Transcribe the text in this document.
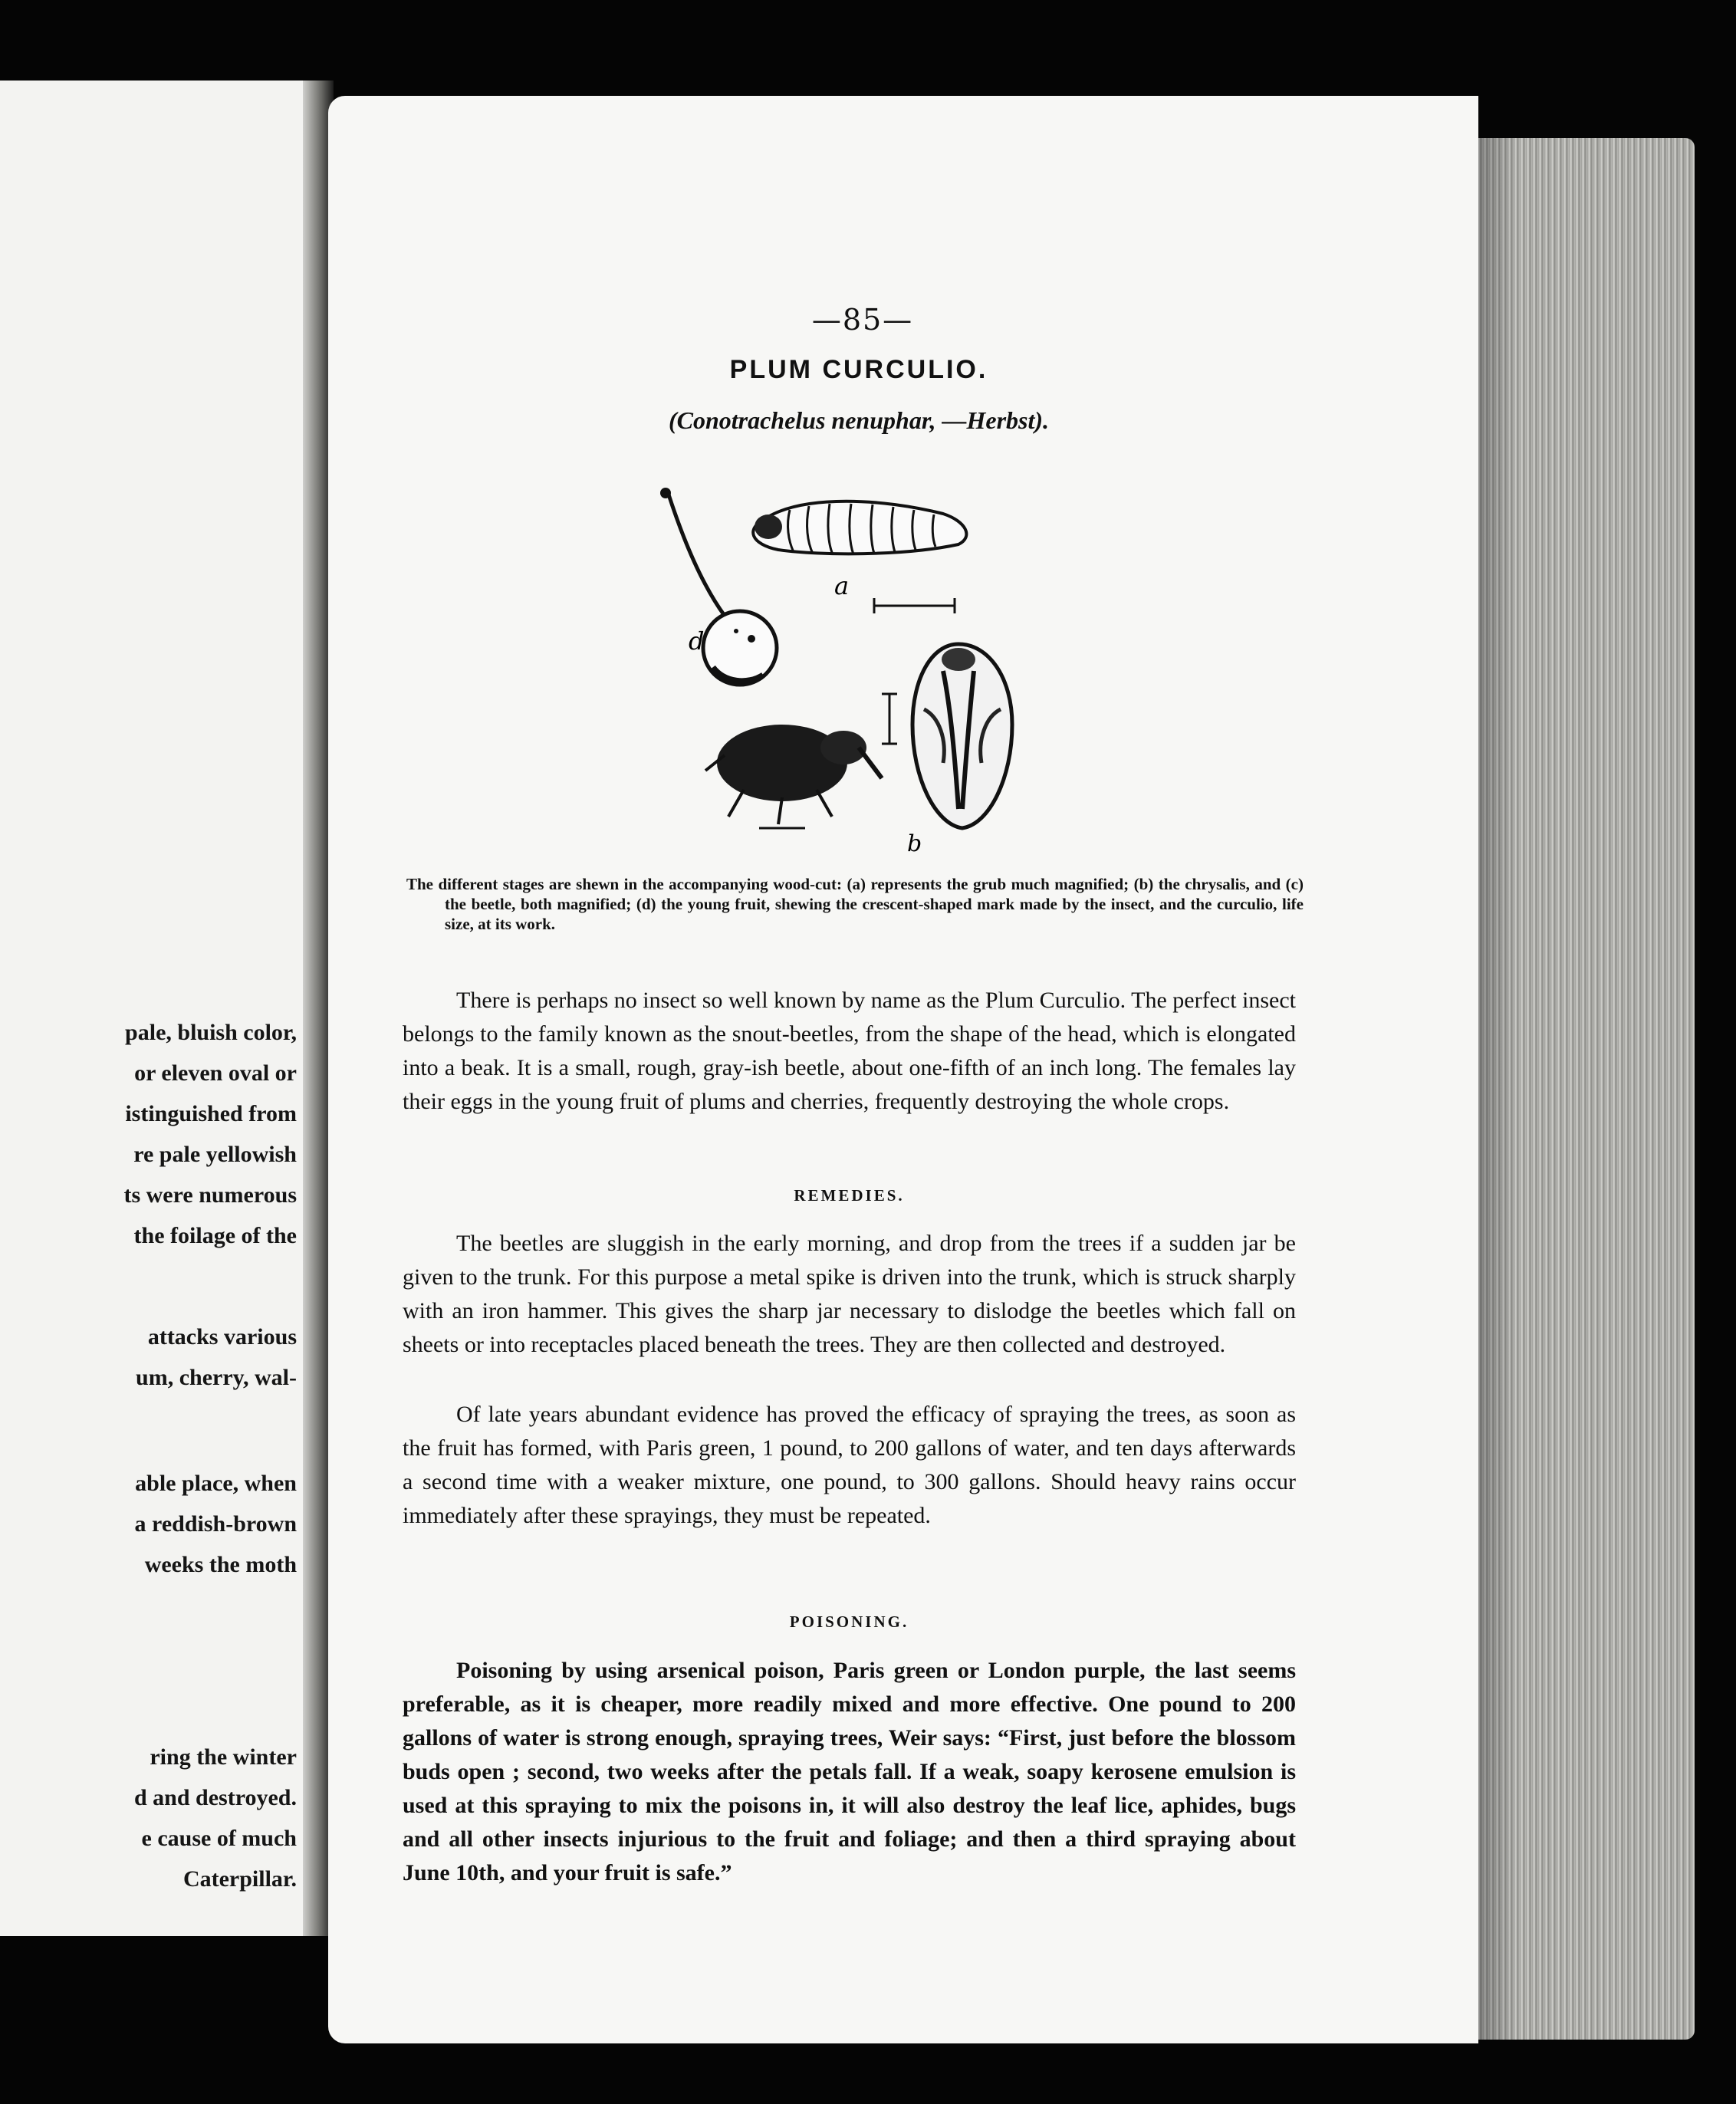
pale, bluish color,
or eleven oval or
istinguished from
re pale yellowish
ts were numerous
the foilage of the
attacks various
um, cherry, wal-
able place, when
a reddish-brown
weeks the moth
ring the winter
d and destroyed.
e cause of much
Caterpillar.
—85—
PLUM CURCULIO.
(Conotrachelus nenuphar, —Herbst).
a
d
b
The different stages are shewn in the accompanying wood-cut: (a) represents the grub much magnified; (b) the chrysalis, and (c) the beetle, both magnified; (d) the young fruit, shewing the crescent-shaped mark made by the insect, and the curculio, life size, at its work.
There is perhaps no insect so well known by name as the Plum Curculio. The perfect insect belongs to the family known as the snout-beetles, from the shape of the head, which is elongated into a beak. It is a small, rough, gray-ish beetle, about one-fifth of an inch long. The females lay their eggs in the young fruit of plums and cherries, frequently destroying the whole crops.
REMEDIES.
The beetles are sluggish in the early morning, and drop from the trees if a sudden jar be given to the trunk. For this purpose a metal spike is driven into the trunk, which is struck sharply with an iron hammer. This gives the sharp jar necessary to dislodge the beetles which fall on sheets or into receptacles placed beneath the trees. They are then collected and destroyed.
Of late years abundant evidence has proved the efficacy of spraying the trees, as soon as the fruit has formed, with Paris green, 1 pound, to 200 gallons of water, and ten days afterwards a second time with a weaker mixture, one pound, to 300 gallons. Should heavy rains occur immediately after these sprayings, they must be repeated.
POISONING.
Poisoning by using arsenical poison, Paris green or London purple, the last seems preferable, as it is cheaper, more readily mixed and more effective. One pound to 200 gallons of water is strong enough, spraying trees, Weir says: “First, just before the blossom buds open ; second, two weeks after the petals fall. If a weak, soapy kerosene emulsion is used at this spraying to mix the poisons in, it will also destroy the leaf lice, aphides, bugs and all other insects injurious to the fruit and foliage; and then a third spraying about June 10th, and your fruit is safe.”
